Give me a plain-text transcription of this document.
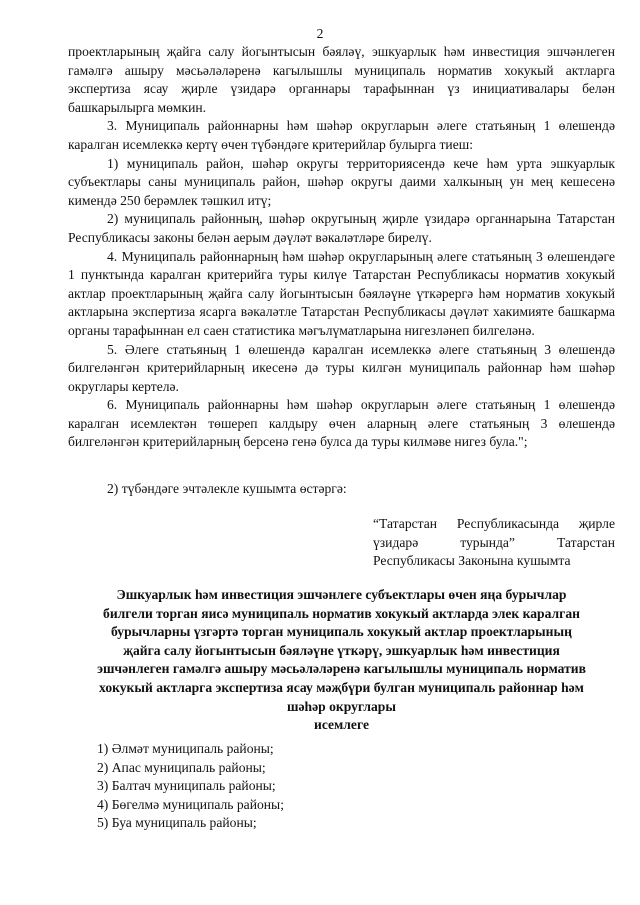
2

проектларының җайга салу йогынтысын бәяләү, эшкуарлык һәм инвестиция эшчәнлеген гамәлгә ашыру мәсьәләләренә кагылышлы муниципаль норматив хокукый актларга экспертиза ясау җирле үзидарә органнары тарафыннан үз инициативалары белән башкарылырга мөмкин.

3. Муниципаль районнарны һәм шәһәр округларын әлеге статьяның 1 өлешендә каралган исемлеккә кертү өчен түбәндәге критерийлар булырга тиеш:

1) муниципаль район, шәһәр округы территориясендә кече һәм урта эшкуарлык субъектлары саны муниципаль район, шәһәр округы даими халкының ун мең кешесенә кимендә 250 берәмлек тәшкил итү;

2) муниципаль районның, шәһәр округының җирле үзидарә органнарына Татарстан Республикасы законы белән аерым дәүләт вәкаләтләре бирелү.

4. Муниципаль районнарның һәм шәһәр округларының әлеге статьяның 3 өлешендәге 1 пунктында каралган критерийга туры килүе Татарстан Республикасы норматив хокукый актлар проектларының җайга салу йогынтысын бәяләүне үткәрергә һәм норматив хокукый актларына экспертиза ясарга вәкаләтле Татарстан Республикасы дәүләт хакимияте башкарма органы тарафыннан ел саен статистика мәгълүматларына нигезләнеп билгеләнә.

5. Әлеге статьяның 1 өлешендә каралган исемлеккә әлеге статьяның 3 өлешендә билгеләнгән критерийларның икесенә дә туры килгән муниципаль районнар һәм шәһәр округлары кертелә.

6. Муниципаль районнарны һәм шәһәр округларын әлеге статьяның 1 өлешендә каралган исемлектән төшереп калдыру өчен аларның әлеге статьяның 3 өлешендә билгеләнгән критерийларның берсенә генә булса да туры килмәве нигез була.";

2) түбәндәге эчтәлекле кушымта өстәргә:

“Татарстан Республикасында җирле үзидарә турында” Татарстан Республикасы Законына кушымта
Эшкуарлык һәм инвестиция эшчәнлеге субъектлары өчен яңа бурычлар
билгели торган яисә муниципаль норматив хокукый актларда элек каралган
бурычларны үзгәртә торган муниципаль хокукый актлар проектларының
җайга салу йогынтысын бәяләүне үткәрү, эшкуарлык һәм инвестиция
эшчәнлеген гамәлгә ашыру мәсьәләләренә кагылышлы муниципаль норматив
хокукый актларга экспертиза ясау мәҗбүри булган муниципаль районнар һәм
шәһәр округлары
исемлеге
1) Әлмәт муниципаль районы;
2) Апас муниципаль районы;
3) Балтач муниципаль районы;
4) Бөгелмә муниципаль районы;
5) Буа муниципаль районы;
